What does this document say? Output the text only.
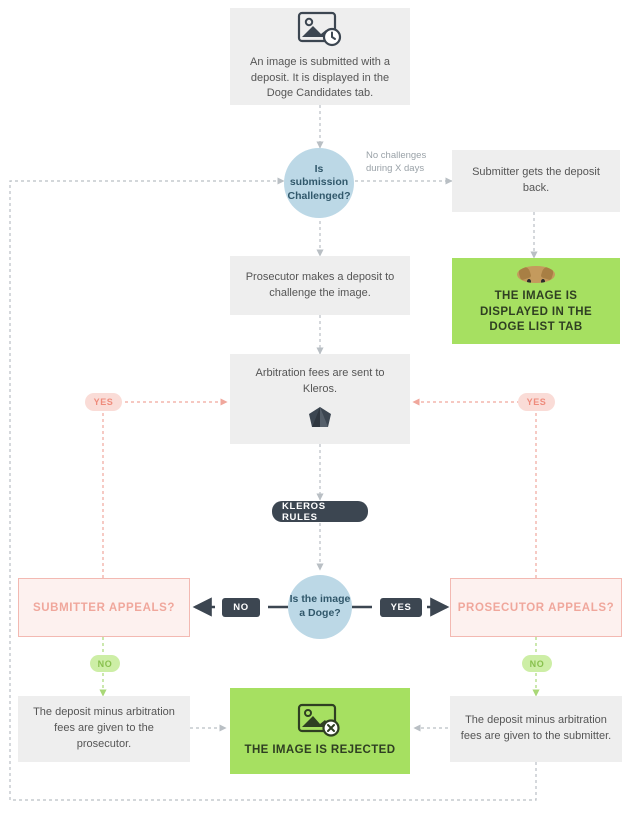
An image is submitted with a deposit. It is displayed in the Doge Candidates tab.
Is submission Challenged?
No challenges during X days	Submitter gets the deposit back.
THE IMAGE IS DISPLAYED IN THE DOGE LIST TAB
Prosecutor makes a deposit to challenge the image.
Arbitration fees are sent to Kleros.
KLEROS RULES
Is the image a Doge?
NO	YES
SUBMITTER APPEALS?	PROSECUTOR APPEALS?
YES	YES
NO	NO
The deposit minus arbitration fees are given to the prosecutor.
The deposit minus arbitration fees are given to the submitter.
THE IMAGE IS REJECTED
